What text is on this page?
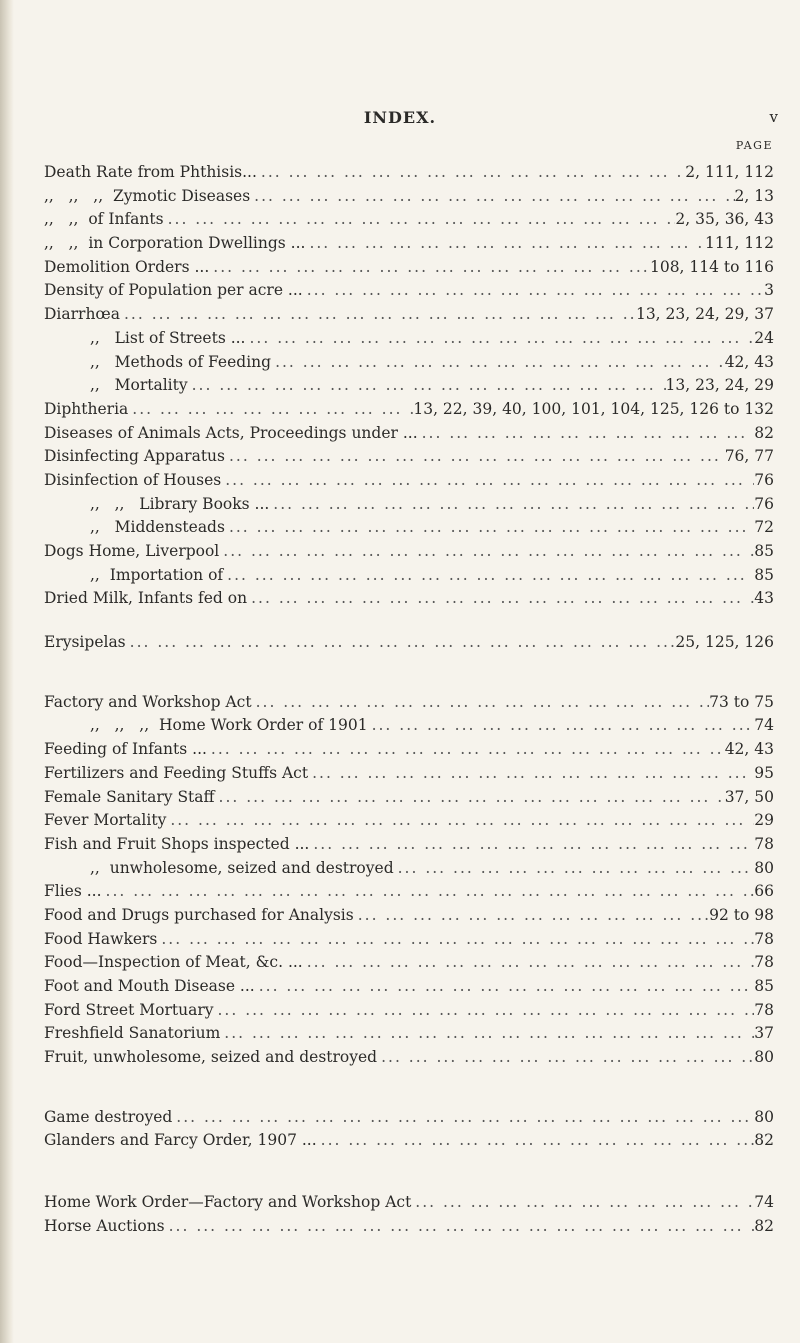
INDEX.	v
PAGE
Death Rate from Phthisis... ... .	2, 111, 112
,,   ,,   ,,  Zymotic Diseases ... .	2, 13
,,   ,,  of Infants ... .	2, 35, 36, 43
,,   ,,  in Corporation Dwellings ... ... .	111, 112
Demolition Orders ... ... .	108, 114 to 116
Density of Population per acre ... ... .	3
Diarrhœa ... .	13, 23, 24, 29, 37
,,   List of Streets ... ... .	24
,,   Methods of Feeding ... .	42, 43
,,   Mortality ... .	13, 23, 24, 29
Diphtheria ... .	13, 22, 39, 40, 100, 101, 104, 125, 126 to 132
Diseases of Animals Acts, Proceedings under ... ... .	82
Disinfecting Apparatus ... .	76, 77
Disinfection of Houses ... .	76
,,   ,,   Library Books ... ... .	76
,,   Middensteads ... .	72
Dogs Home, Liverpool ... .	85
,,  Importation of ... .	85
Dried Milk, Infants fed on ... .	43
Erysipelas ... .	25, 125, 126
Factory and Workshop Act ... .	73 to 75
,,   ,,   ,,  Home Work Order of 1901 ... .	74
Feeding of Infants ... ... .	42, 43
Fertilizers and Feeding Stuffs Act ... .	95
Female Sanitary Staff ... .	37, 50
Fever Mortality ... .	29
Fish and Fruit Shops inspected ... ... .	78
,,  unwholesome, seized and destroyed ... .	80
Flies ... ... .	66
Food and Drugs purchased for Analysis ... .	92 to 98
Food Hawkers ... .	78
Food—Inspection of Meat, &c. ... ... .	78
Foot and Mouth Disease ... ... .	85
Ford Street Mortuary ... .	78
Freshfield Sanatorium ... .	37
Fruit, unwholesome, seized and destroyed ... .	80
Game destroyed ... .	80
Glanders and Farcy Order, 1907 ... ... .	82
Home Work Order—Factory and Workshop Act ... .	74
Horse Auctions ... .	82
